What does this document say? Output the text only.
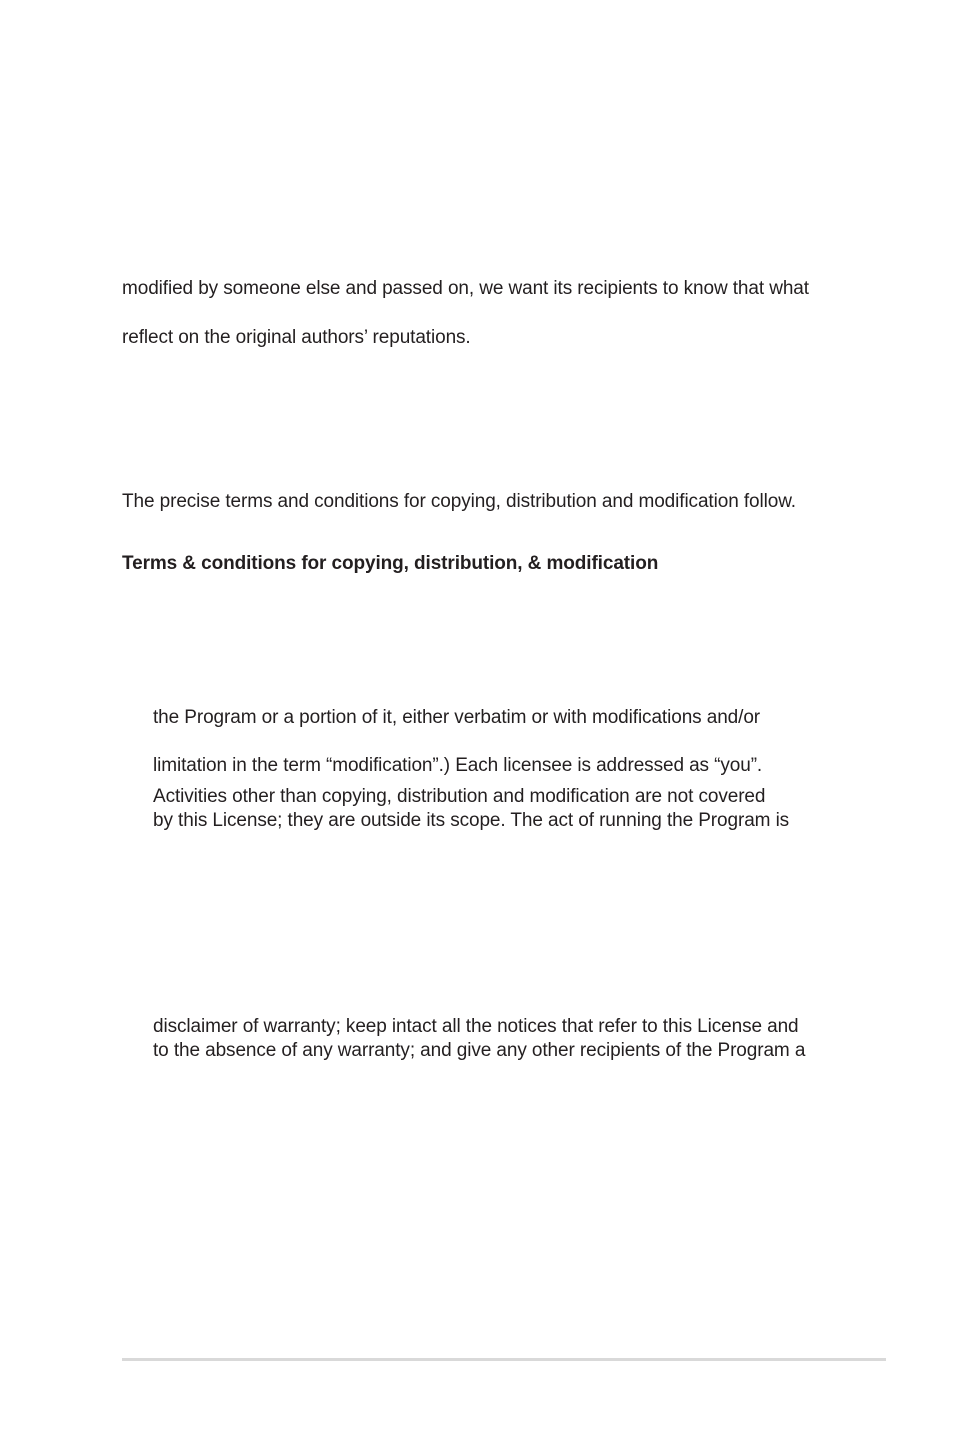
modified by someone else and passed on, we want its recipients to know that what
reflect on the original authors’ reputations.
The precise terms and conditions for copying, distribution and modification follow.
Terms & conditions for copying, distribution, & modification
the Program or a portion of it, either verbatim or with modifications and/or
limitation in the term “modification”.) Each licensee is addressed as “you”.
Activities other than copying, distribution and modification are not covered
by this License; they are outside its scope. The act of running the Program is
disclaimer of warranty; keep intact all the notices that refer to this License and
to the absence of any warranty; and give any other recipients of the Program a
